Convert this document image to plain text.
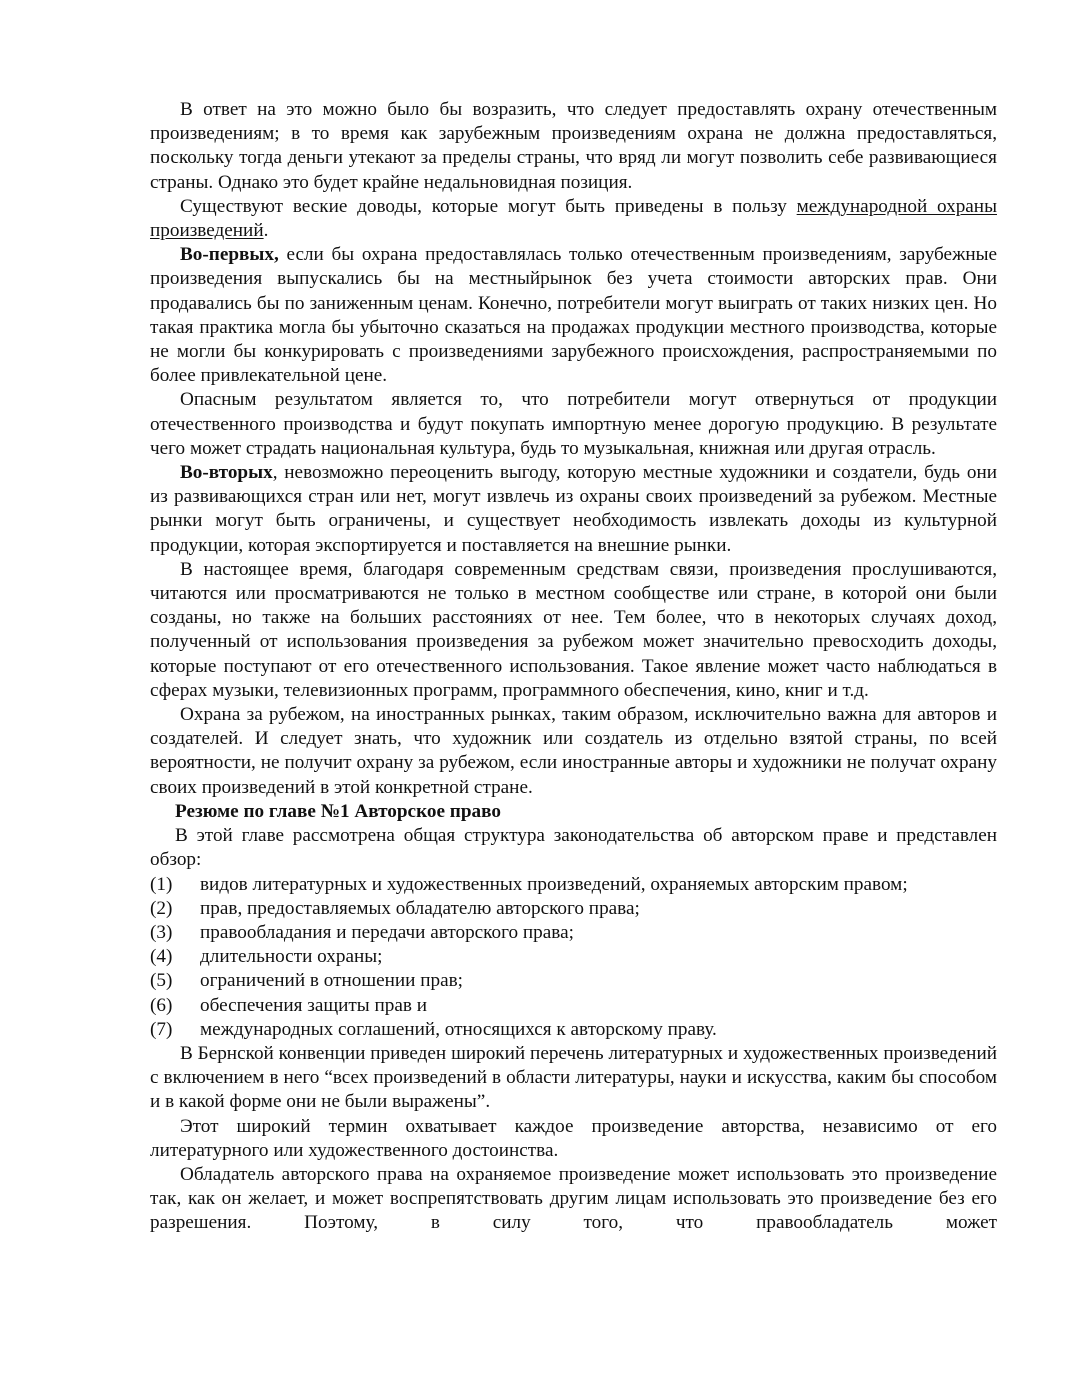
В ответ на это можно было бы возразить, что следует предоставлять охрану отечественным произведениям; в то время как зарубежным произведениям охрана не должна предоставляться, поскольку тогда деньги утекают за пределы страны, что вряд ли могут позволить себе развивающиеся страны. Однако это будет крайне недальновидная позиция.

Существуют веские доводы, которые могут быть приведены в пользу международной охраны произведений.

Во-первых, если бы охрана предоставлялась только отечественным произведениям, зарубежные произведения выпускались бы на местныйрынок без учета стоимости авторских прав. Они продавались бы по заниженным ценам. Конечно, потребители могут выиграть от таких низких цен. Но такая практика могла бы убыточно сказаться на продажах продукции местного производства, которые не могли бы конкурировать с произведениями зарубежного происхождения, распространяемыми по более привлекательной цене.

Опасным результатом является то, что потребители могут отвернуться от продукции отечественного производства и будут покупать импортную менее дорогую продукцию. В результате чего может страдать национальная культура, будь то музыкальная, книжная или другая отрасль.

Во-вторых, невозможно переоценить выгоду, которую местные художники и создатели, будь они из развивающихся стран или нет, могут извлечь из охраны своих произведений за рубежом. Местные рынки могут быть ограничены, и существует необходимость извлекать доходы из культурной продукции, которая экспортируется и поставляется на внешние рынки.

В настоящее время, благодаря современным средствам связи, произведения прослушиваются, читаются или просматриваются не только в местном сообществе или стране, в которой они были созданы, но также на больших расстояниях от нее. Тем более, что в некоторых случаях доход, полученный от использования произведения за рубежом может значительно превосходить доходы, которые поступают от его отечественного использования. Такое явление может часто наблюдаться в сферах музыки, телевизионных программ, программного обеспечения, кино, книг и т.д.

Охрана за рубежом, на иностранных рынках, таким образом, исключительно важна для авторов и создателей. И следует знать, что художник или создатель из отдельно взятой страны, по всей вероятности, не получит охрану за рубежом, если иностранные авторы и художники не получат охрану своих произведений в этой конкретной стране.

Резюме по главе №1 Авторское право

В этой главе рассмотрена общая структура законодательства об авторском праве и представлен обзор:

(1)	видов литературных и художественных произведений, охраняемых авторским правом;
(2)	прав, предоставляемых обладателю авторского права;
(3)	правообладания и передачи авторского права;
(4)	длительности охраны;
(5)	ограничений в отношении прав;
(6)	обеспечения защиты прав и
(7)	международных соглашений, относящихся к авторскому праву.

В Бернской конвенции приведен широкий перечень литературных и художественных произведений с включением в него “всех произведений в области литературы, науки и искусства, каким бы способом и в какой форме они не были выражены”.

Этот широкий термин охватывает каждое произведение авторства, независимо от его литературного или художественного достоинства.

Обладатель авторского права на охраняемое произведение может использовать это произведение так, как он желает, и может воспрепятствовать другим лицам использовать это произведение без его разрешения. Поэтому, в силу того, что правообладатель может
